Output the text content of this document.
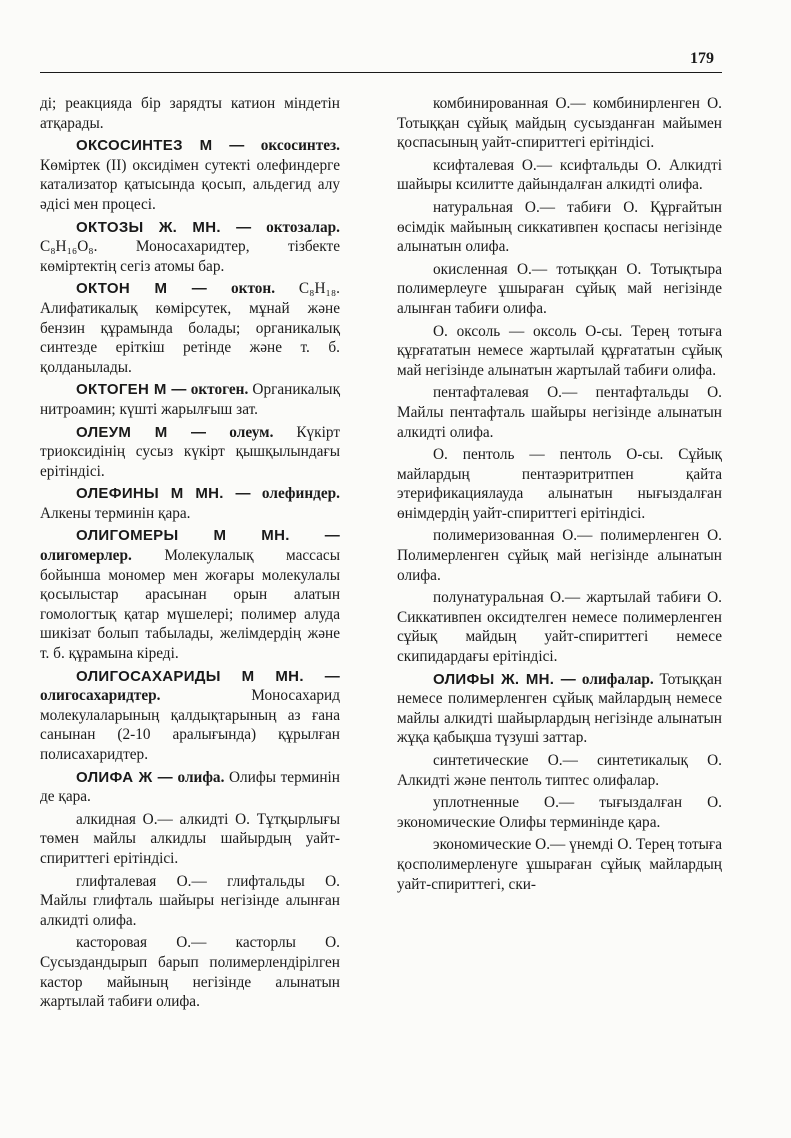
179

ді; реакцияда бір зарядты катион міндетін атқарады.

ОКСОСИНТЕЗ М — оксосинтез. Көміртек (II) оксидімен сутекті олефиндерге катализатор қатысында қосып, альдегид алу әдісі мен процесі.

ОКТОЗЫ Ж. МН. — октозалар. C₈H₁₆O₈. Моносахаридтер, тізбекте көміртектің сегіз атомы бар.

ОКТОН М — октон. C₈H₁₈. Алифатикалық көмірсутек, мұнай және бензин құрамында болады; органикалық синтезде еріткіш ретінде және т. б. қолданылады.

ОКТОГЕН М — октоген. Органикалық нитроамин; күшті жарылғыш зат.

ОЛЕУМ М — олеум. Күкірт триоксидінің сусыз күкірт қышқылындағы ерітіндісі.

ОЛЕФИНЫ М МН. — олефиндер. Алкены терминін қара.

ОЛИГОМЕРЫ М МН. — олигомерлер. Молекулалық массасы бойынша мономер мен жоғары молекулалы қосылыстар арасынан орын алатын гомологтық қатар мүшелері; полимер алуда шикізат болып табылады, желімдердің және т. б. құрамына кіреді.

ОЛИГОСАХАРИДЫ М МН. — олигосахаридтер. Моносахарид молекулаларының қалдықтарының аз ғана санынан (2-10 аралығында) құрылған полисахаридтер.

ОЛИФА Ж — олифа. Олифы терминін де қара.

алкидная О.— алкидті О. Тұтқырлығы төмен майлы алкидлы шайырдың уайт-спириттегі ерітіндісі.

глифталевая О.— глифтальды О. Майлы глифталь шайыры негізінде алынған алкидті олифа.

касторовая О.— касторлы О. Сусыздандырып барып полимерлендірілген кастор майының негізінде алынатын жартылай табиғи олифа.

комбинированная О.— комбинирленген О. Тотыққан сұйық майдың сусызданған майымен қоспасының уайт-спириттегі ерітіндісі.

ксифталевая О.— ксифтальды О. Алкидті шайыры ксилитте дайындалған алкидті олифа.

натуральная О.— табиғи О. Құрғайтын өсімдік майының сиккативпен қоспасы негізінде алынатын олифа.

окисленная О.— тотыққан О. Тотықтыра полимерлеуге ұшыраған сұйық май негізінде алынған табиғи олифа.

О. оксоль — оксоль О-сы. Терең тотыға құрғататын немесе жартылай құрғататын сұйық май негізінде алынатын жартылай табиғи олифа.

пентафталевая О.— пентафтальды О. Майлы пентафталь шайыры негізінде алынатын алкидті олифа.

О. пентоль — пентоль О-сы. Сұйық майлардың пентаэритритпен қайта этерификациялауда алынатын нығыздалған өнімдердің уайт-спириттегі ерітіндісі.

полимеризованная О.— полимерленген О. Полимерленген сұйық май негізінде алынатын олифа.

полунатуральная О.— жартылай табиғи О. Сиккативпен оксидтелген немесе полимерленген сұйық майдың уайт-спириттегі немесе скипидардағы ерітіндісі.

ОЛИФЫ Ж. МН. — олифалар. Тотыққан немесе полимерленген сұйық майлардың немесе майлы алкидті шайырлардың негізінде алынатын жұқа қабықша түзуші заттар.

синтетические О.— синтетикалық О. Алкидті және пентоль типтес олифалар.

уплотненные О.— тығыздалған О. экономические Олифы терминінде қара.

экономические О.— үнемді О. Терең тотыға қосполимерленуге ұшыраған сұйық майлардың уайт-спириттегі, ски-
